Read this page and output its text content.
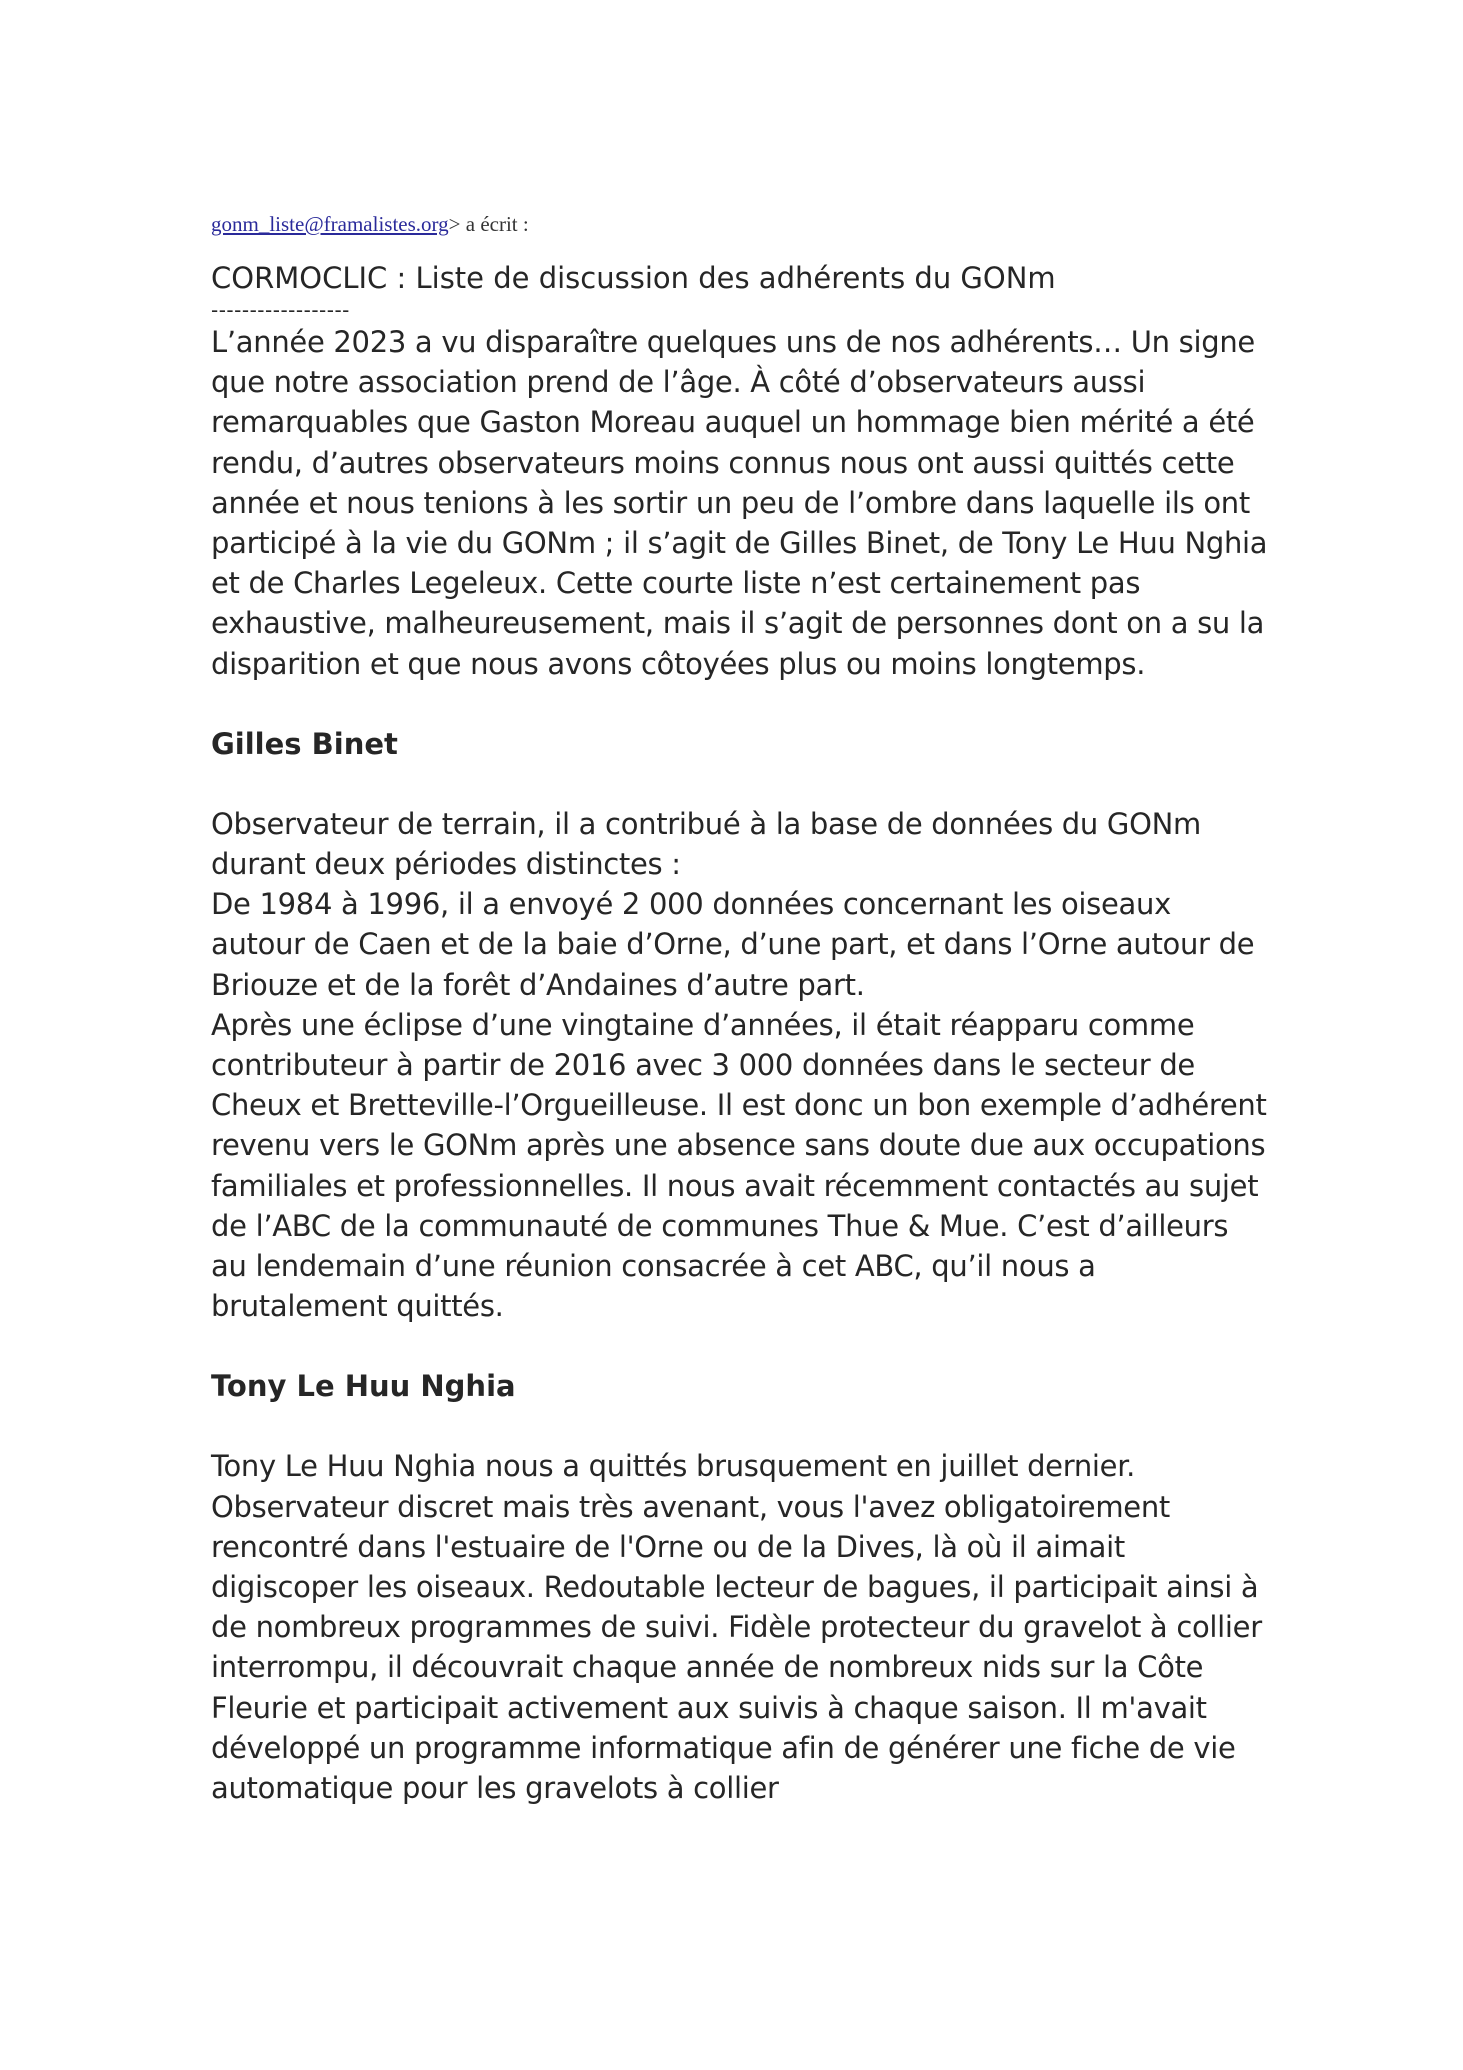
gonm_liste@framalistes.org> a écrit :
CORMOCLIC : Liste de discussion des adhérents du GONm
------------------

L’année 2023 a vu disparaître quelques uns de nos adhérents… Un signe que notre association prend de l’âge. À côté d’observateurs aussi remarquables que Gaston Moreau auquel un hommage bien mérité a été rendu, d’autres observateurs moins connus nous ont aussi quittés cette année et nous tenions à les sortir un peu de l’ombre dans laquelle ils ont participé à la vie du GONm ; il s’agit de Gilles Binet, de Tony Le Huu Nghia et de Charles Legeleux. Cette courte liste n’est certainement pas exhaustive, malheureusement, mais il s’agit de personnes dont on a su la disparition et que nous avons côtoyées plus ou moins longtemps.

Gilles Binet

Observateur de terrain, il a contribué à la base de données du GONm durant deux périodes distinctes :

De 1984 à 1996, il a envoyé 2 000 données concernant les oiseaux autour de Caen et de la baie d’Orne, d’une part, et dans l’Orne autour de Briouze et de la forêt d’Andaines d’autre part.

Après une éclipse d’une vingtaine d’années, il était réapparu comme contributeur à partir de 2016 avec 3 000 données dans le secteur de Cheux et Bretteville-l’Orgueilleuse. Il est donc un bon exemple d’adhérent revenu vers le GONm après une absence sans doute due aux occupations familiales et professionnelles. Il nous avait récemment contactés au sujet de l’ABC de la communauté de communes Thue & Mue. C’est d’ailleurs au lendemain d’une réunion consacrée à cet ABC, qu’il nous a brutalement quittés.

Tony Le Huu Nghia

Tony Le Huu Nghia nous a quittés brusquement en juillet dernier. Observateur discret mais très avenant, vous l'avez obligatoirement rencontré dans l'estuaire de l'Orne ou de la Dives, là où il aimait digiscoper les oiseaux. Redoutable lecteur de bagues, il participait ainsi à de nombreux programmes de suivi. Fidèle protecteur du gravelot à collier interrompu, il découvrait chaque année de nombreux nids sur la Côte Fleurie et participait activement aux suivis à chaque saison. Il m'avait développé un programme informatique afin de générer une fiche de vie automatique pour les gravelots à collier
